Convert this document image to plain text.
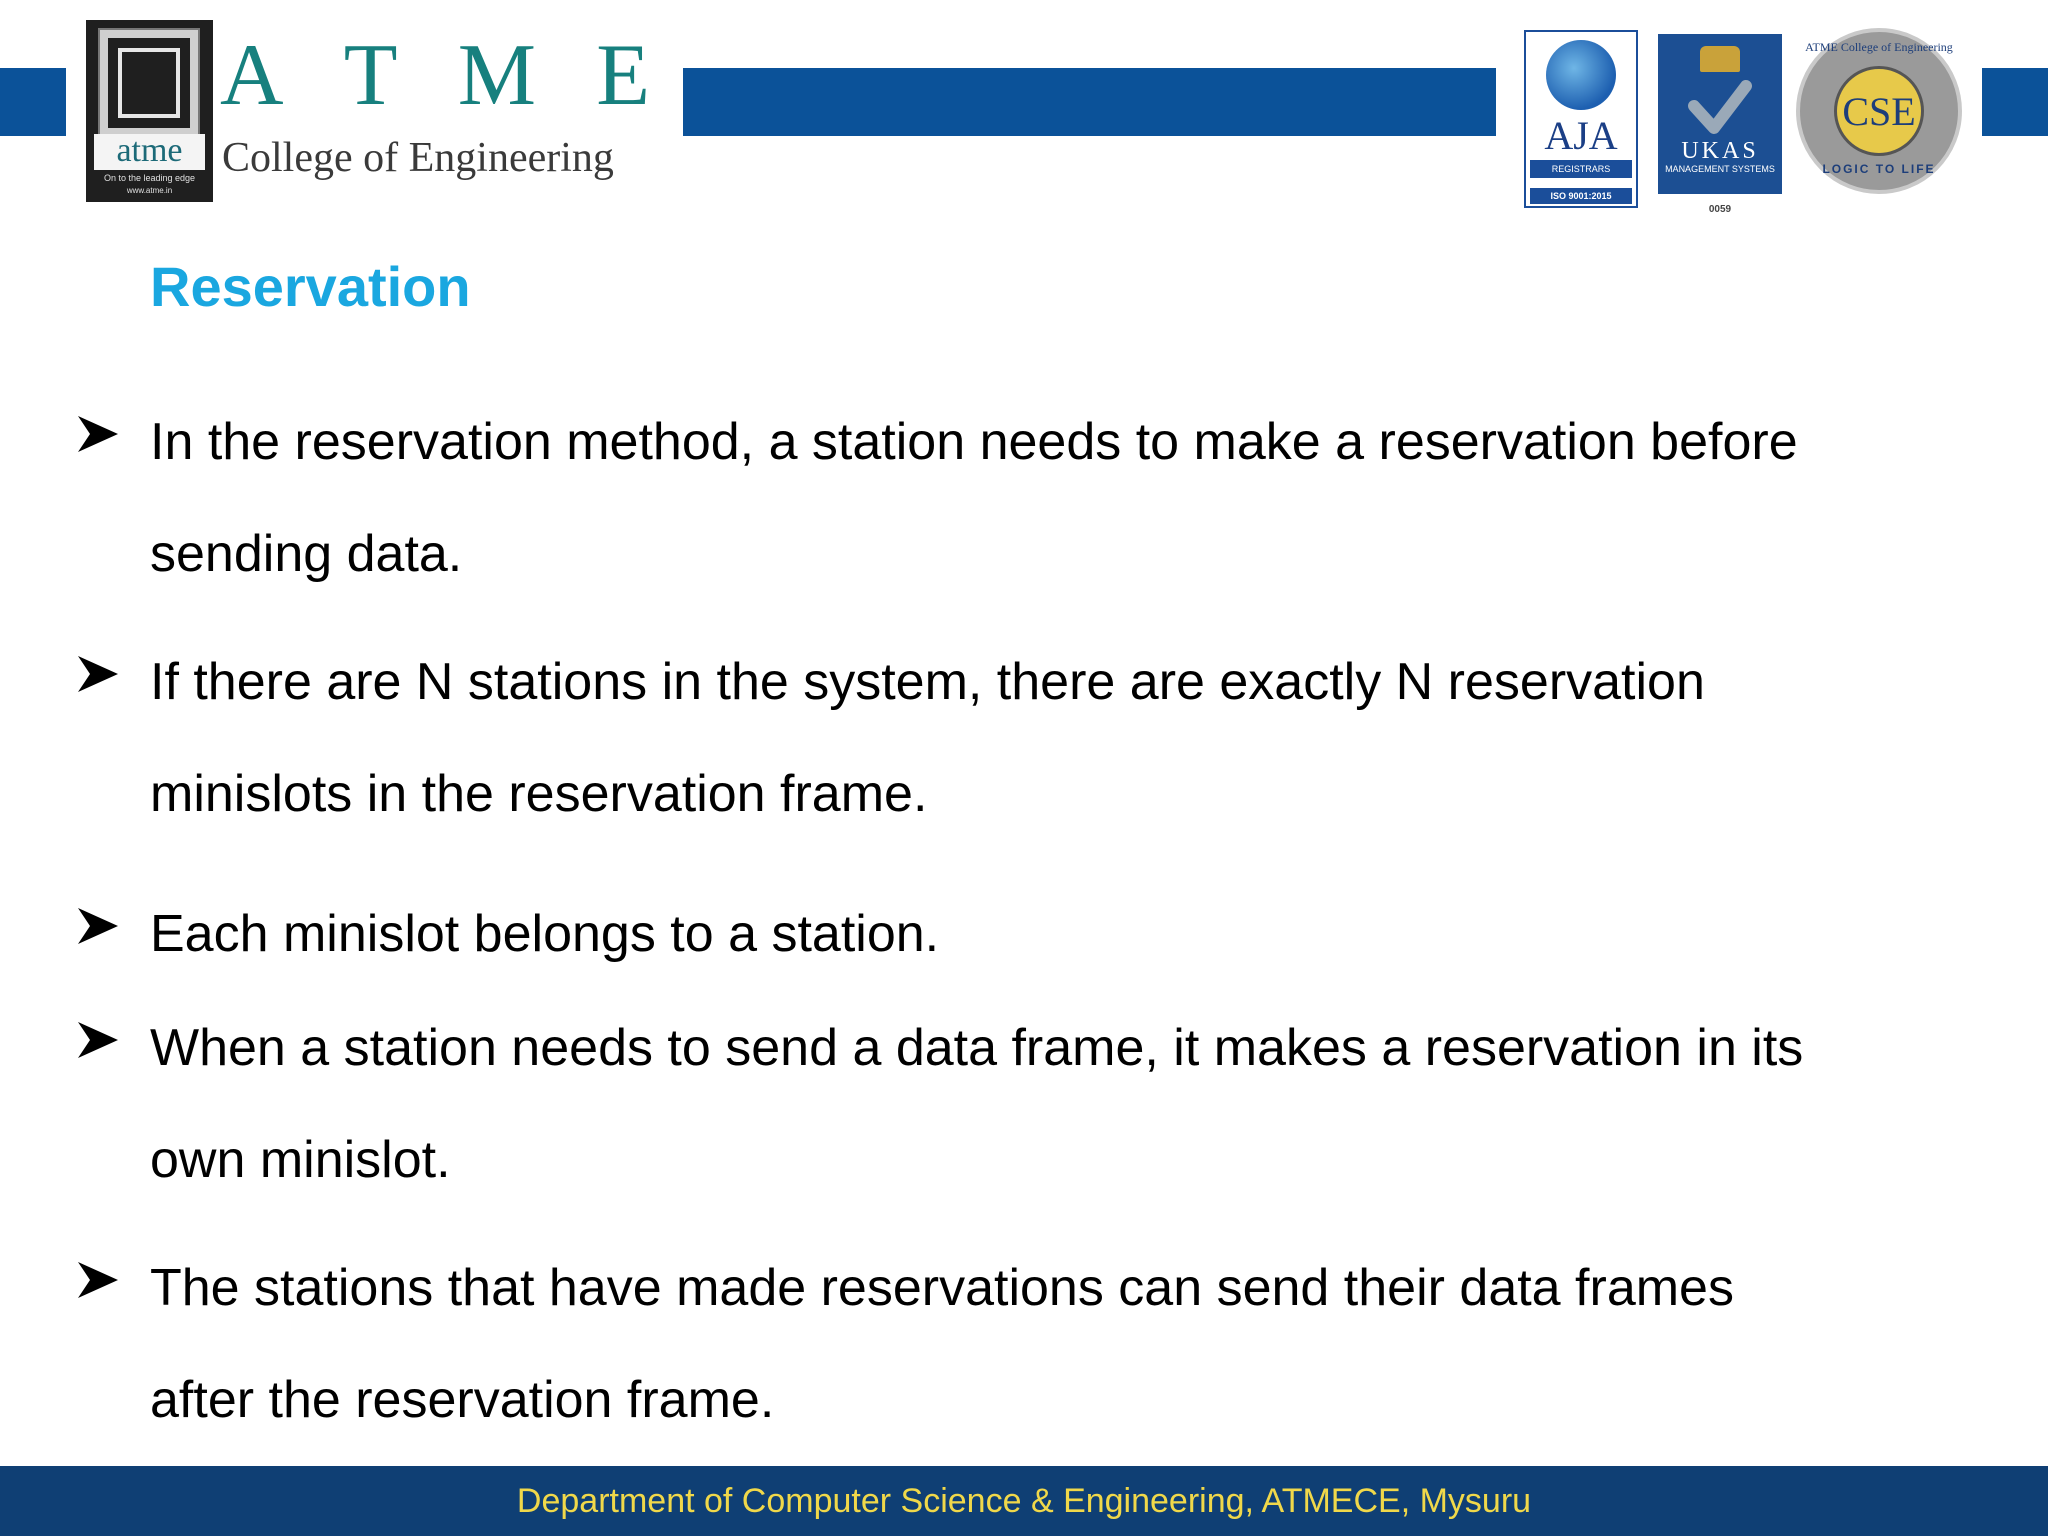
atme
On to the leading edge
www.atme.in
A T M E
College of Engineering	AJA
REGISTRARS
ISO 9001:2015
UKAS
MANAGEMENT SYSTEMS
0059
ATME College of Engineering
CSE
LOGIC TO LIFE
Reservation
In the reservation method, a station needs to make a reservation before
sending data.
If there are N stations in the system, there are exactly N reservation
minislots in the reservation frame.
Each minislot belongs to a station.
When a station needs to send a data frame, it makes a reservation in its
own minislot.
The stations that have made reservations can send their data frames
after the reservation frame.
Department of Computer Science & Engineering, ATMECE, Mysuru
